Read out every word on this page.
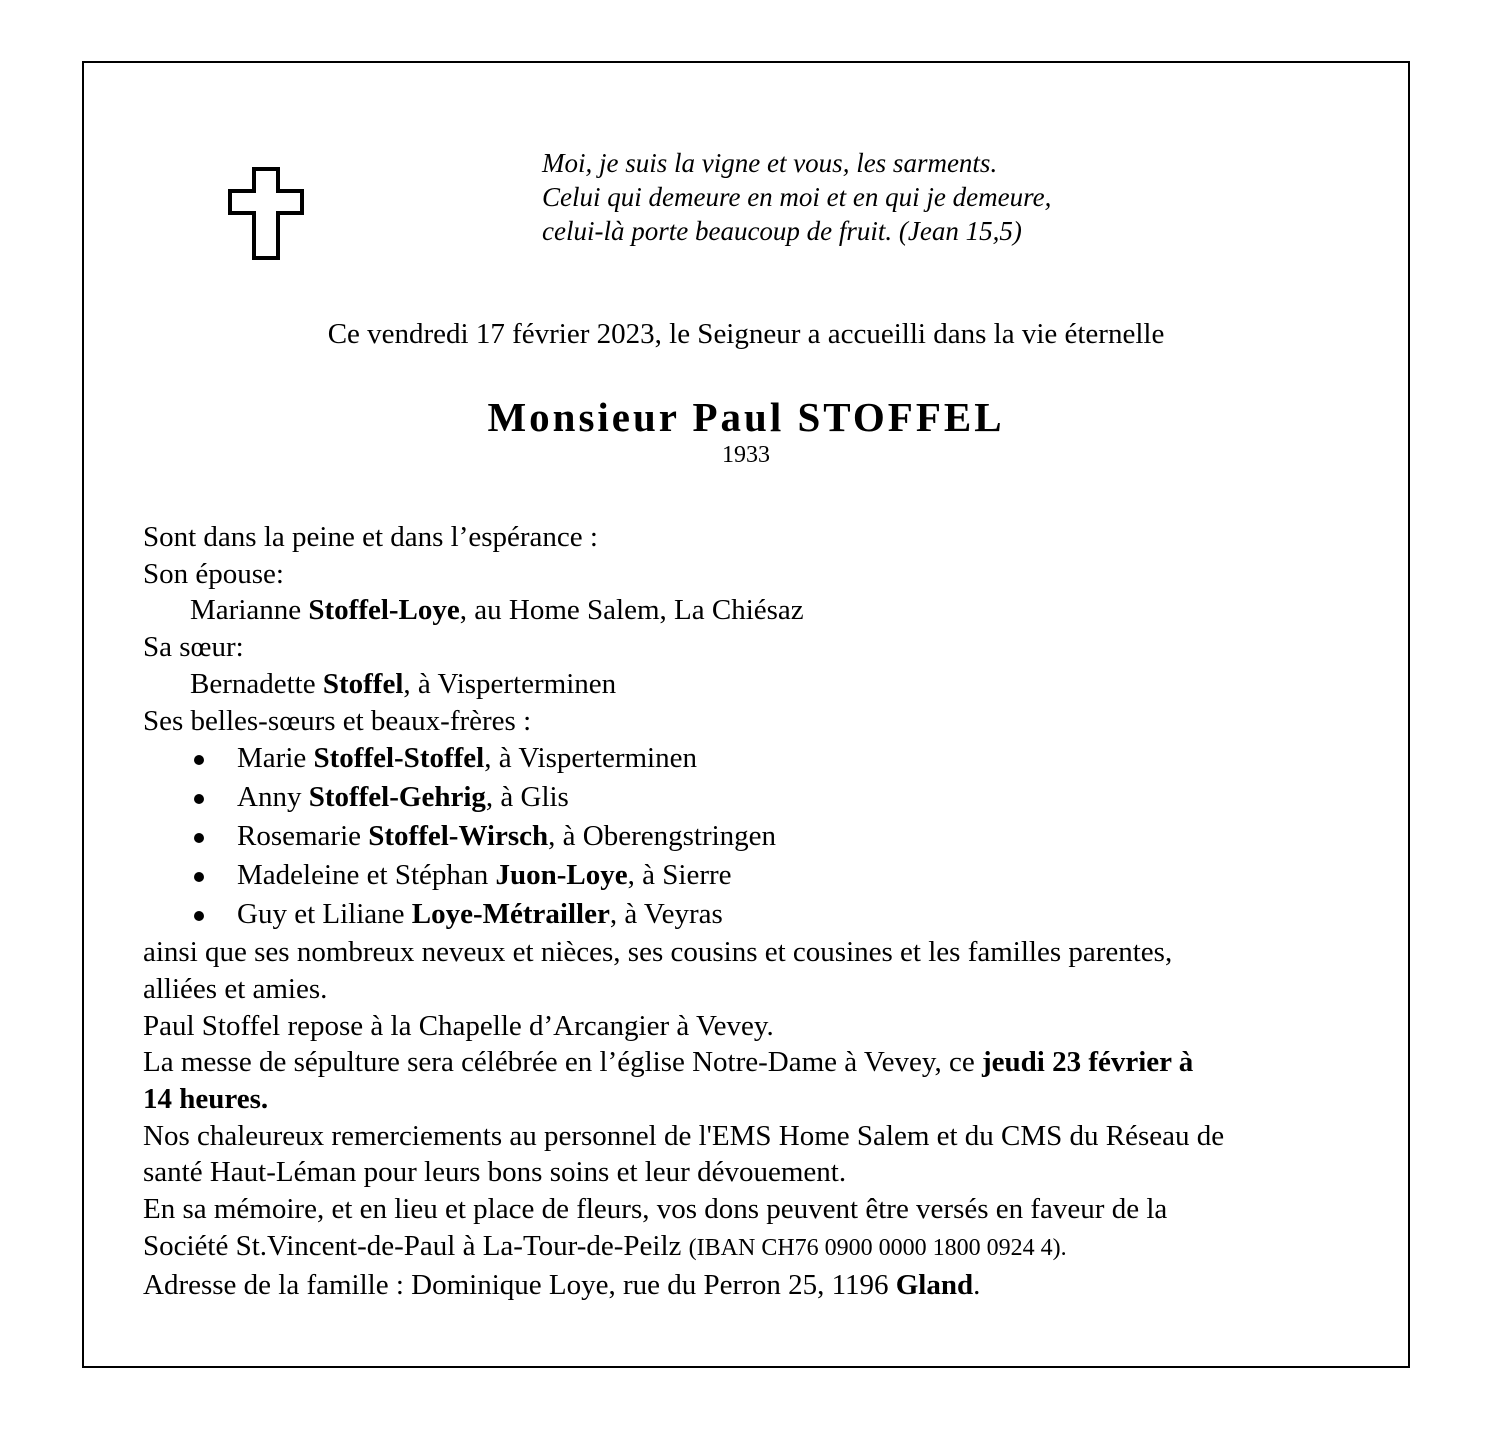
Moi, je suis la vigne et vous, les sarments.
Celui qui demeure en moi et en qui je demeure,
celui-là porte beaucoup de fruit. (Jean 15,5)
Ce vendredi 17 février 2023, le Seigneur a accueilli dans la vie éternelle
Monsieur Paul STOFFEL
1933
Sont dans la peine et dans l’espérance :
Son épouse:
Marianne Stoffel-Loye, au Home Salem, La Chiésaz
Sa sœur:
Bernadette Stoffel, à Visperterminen
Ses belles-sœurs et beaux-frères :
Marie Stoffel-Stoffel, à Visperterminen
Anny Stoffel-Gehrig, à Glis
Rosemarie Stoffel-Wirsch, à Oberengstringen
Madeleine et Stéphan Juon-Loye, à Sierre
Guy et Liliane Loye-Métrailler, à Veyras
ainsi que ses nombreux neveux et nièces, ses cousins et cousines et les familles parentes,
alliées et amies.
Paul Stoffel repose à la Chapelle d’Arcangier à Vevey.
La messe de sépulture sera célébrée en l’église Notre-Dame à Vevey, ce jeudi 23 février à
14 heures.
Nos chaleureux remerciements au personnel de l'EMS Home Salem et du CMS du Réseau de
santé Haut-Léman pour leurs bons soins et leur dévouement.
En sa mémoire, et en lieu et place de fleurs, vos dons peuvent être versés en faveur de la
Société St.Vincent-de-Paul à La-Tour-de-Peilz (IBAN CH76 0900 0000 1800 0924 4).
Adresse de la famille : Dominique Loye, rue du Perron 25, 1196 Gland.
